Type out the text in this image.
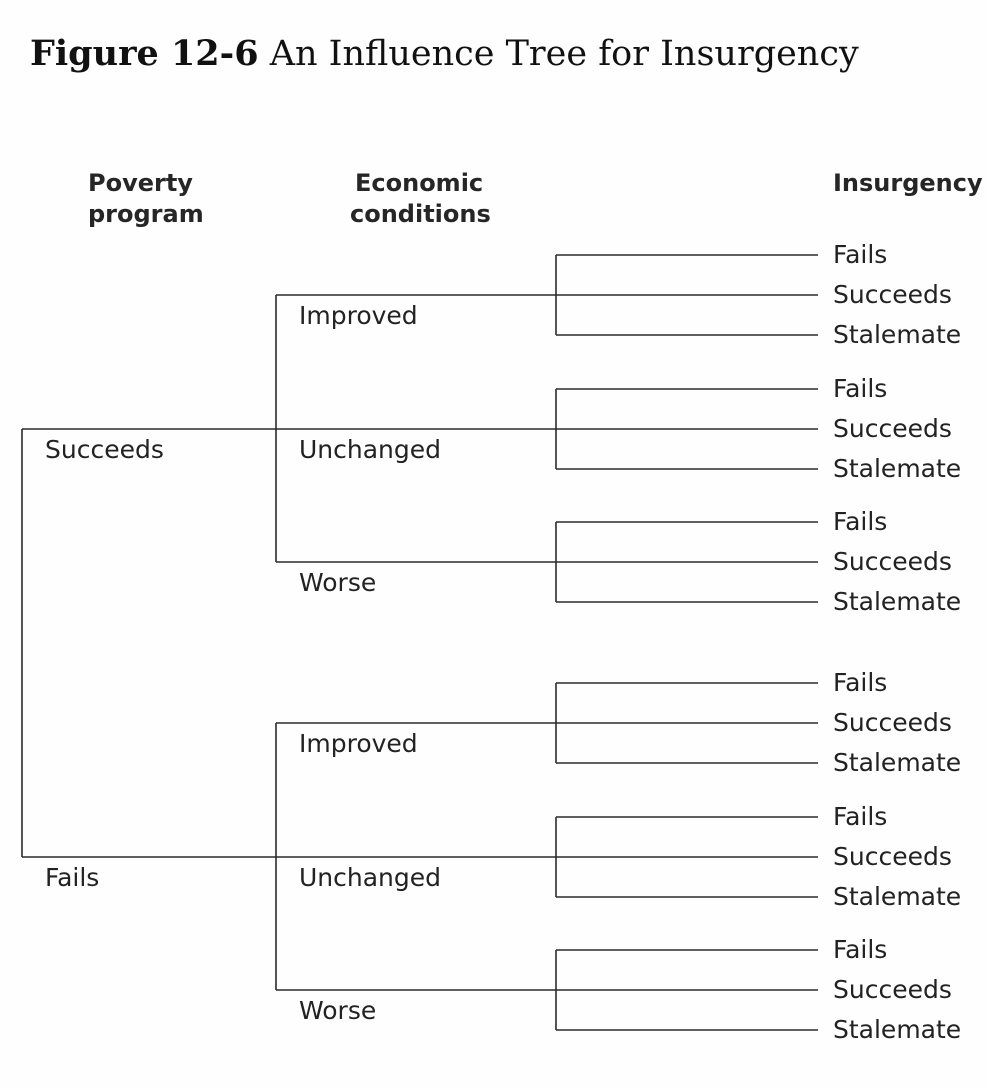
Figure 12-6 An Influence Tree for Insurgency
Poverty
program
Economic
conditions
Insurgency
Succeeds
Improved
Fails
Succeeds
Stalemate
Unchanged
Fails
Succeeds
Stalemate
Worse
Fails
Succeeds
Stalemate
Fails
Improved
Fails
Succeeds
Stalemate
Unchanged
Fails
Succeeds
Stalemate
Worse
Fails
Succeeds
Stalemate
